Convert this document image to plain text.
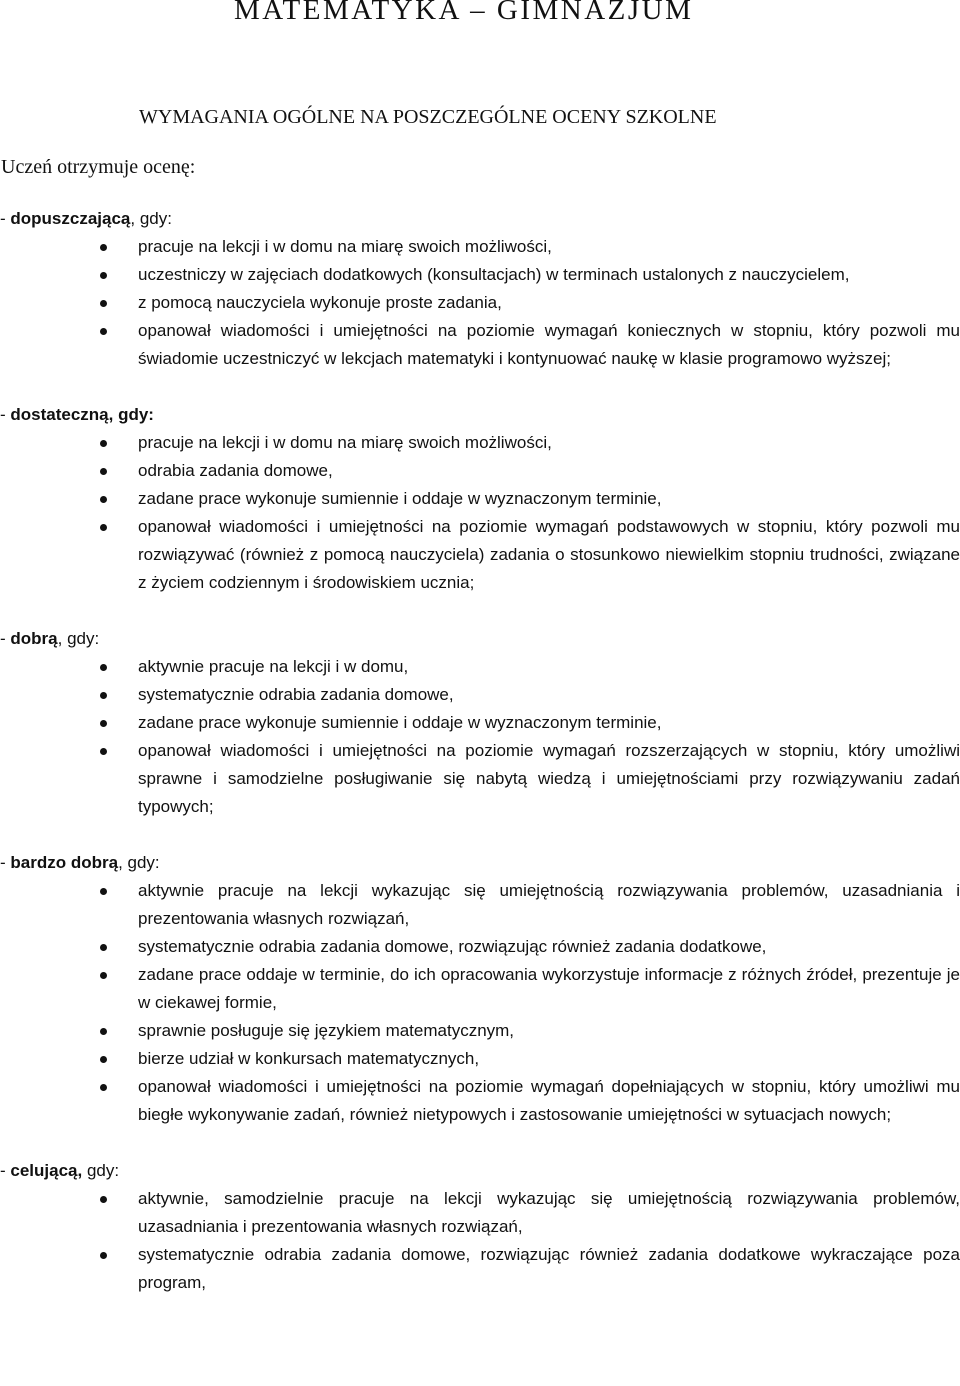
MATEMATYKA – GIMNAZJUM
WYMAGANIA OGÓLNE NA POSZCZEGÓLNE OCENY SZKOLNE

Uczeń otrzymuje ocenę:

- dopuszczającą, gdy:

pracuje na lekcji i w domu na miarę swoich możliwości,
uczestniczy w zajęciach dodatkowych (konsultacjach) w terminach ustalonych z nauczycielem,
z pomocą nauczyciela wykonuje proste zadania,
opanował wiadomości i umiejętności na poziomie wymagań koniecznych w stopniu, który pozwoli mu świadomie uczestniczyć w lekcjach matematyki i kontynuować naukę w klasie programowo wyższej;

- dostateczną, gdy:

pracuje na lekcji i w domu na miarę swoich możliwości,
odrabia zadania domowe,
zadane prace wykonuje sumiennie i oddaje w wyznaczonym terminie,
opanował wiadomości i umiejętności na poziomie wymagań podstawowych w stopniu, który pozwoli mu rozwiązywać (również z pomocą nauczyciela) zadania o stosunkowo niewielkim stopniu trudności, związane z życiem codziennym i środowiskiem ucznia;

- dobrą, gdy:

aktywnie pracuje na lekcji i w domu,
systematycznie odrabia zadania domowe,
zadane prace wykonuje sumiennie i oddaje w wyznaczonym terminie,
opanował wiadomości i umiejętności na poziomie wymagań rozszerzających w stopniu, który umożliwi sprawne i samodzielne posługiwanie się nabytą wiedzą i umiejętnościami przy rozwiązywaniu zadań typowych;

- bardzo dobrą, gdy:

aktywnie pracuje na lekcji wykazując się umiejętnością rozwiązywania problemów, uzasadniania i prezentowania własnych rozwiązań,
systematycznie odrabia zadania domowe, rozwiązując również zadania dodatkowe,
zadane prace oddaje w terminie, do ich opracowania wykorzystuje informacje z różnych źródeł, prezentuje je w ciekawej formie,
sprawnie posługuje się językiem matematycznym,
bierze udział w konkursach matematycznych,
opanował wiadomości i umiejętności na poziomie wymagań dopełniających w stopniu, który umożliwi mu biegłe wykonywanie zadań, również nietypowych i zastosowanie umiejętności w sytuacjach nowych;

- celującą, gdy:

aktywnie, samodzielnie pracuje na lekcji wykazując się umiejętnością rozwiązywania problemów, uzasadniania i prezentowania własnych rozwiązań,
systematycznie odrabia zadania domowe, rozwiązując również zadania dodatkowe wykraczające poza program,
